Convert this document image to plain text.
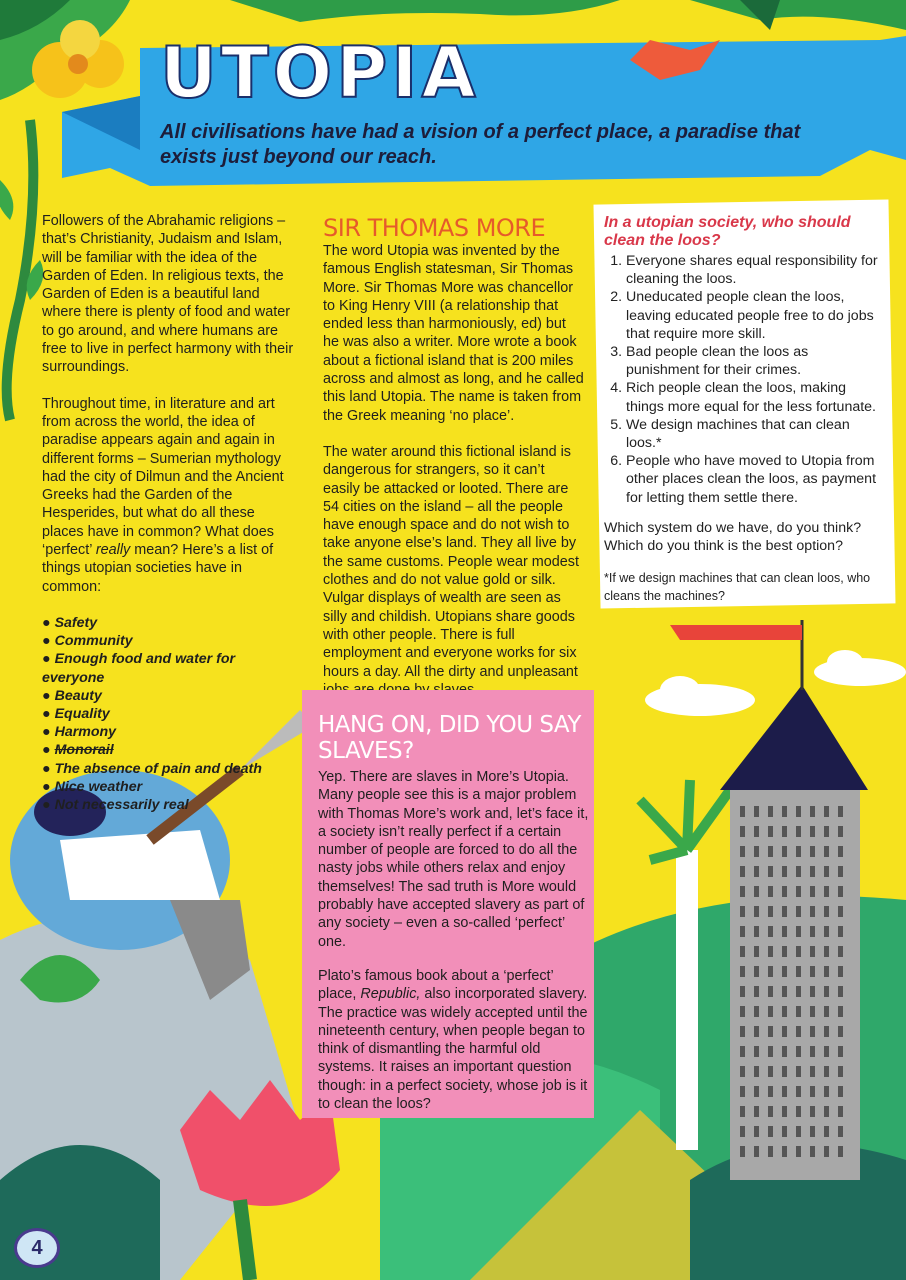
UTOPIA
All civilisations have had a vision of a perfect place, a paradise that exists just beyond our reach.

Followers of the Abrahamic religions – that’s Christianity, Judaism and Islam, will be familiar with the idea of the Garden of Eden. In religious texts, the Garden of Eden is a beautiful land where there is plenty of food and water to go around, and where humans are free to live in perfect harmony with their surroundings.

Throughout time, in literature and art from across the world, the idea of paradise appears again and again in different forms – Sumerian mythology had the city of Dilmun and the Ancient Greeks had the Garden of the Hesperides, but what do all these places have in common? What does ‘perfect’ really mean? Here’s a list of things utopian societies have in common:

● Safety
● Community
● Enough food and water for everyone
● Beauty
● Equality
● Harmony
● Monorail
● The absence of pain and death
● Nice weather
● Not necessarily real
SIR THOMAS MORE

The word Utopia was invented by the famous English statesman, Sir Thomas More. Sir Thomas More was chancellor to King Henry VIII (a relationship that ended less than harmoniously, ed) but he was also a writer. More wrote a book about a fictional island that is 200 miles across and almost as long, and he called this land Utopia. The name is taken from the Greek meaning ‘no place’.

The water around this fictional island is dangerous for strangers, so it can’t easily be attacked or looted. There are 54 cities on the island – all the people have enough space and do not wish to take anyone else’s land. They all live by the same customs. People wear modest clothes and do not value gold or silk. Vulgar displays of wealth are seen as silly and childish. Utopians share goods with other people. There is full employment and everyone works for six hours a day. All the dirty and unpleasant

In a utopian society, who should clean the loos?
1. Everyone shares equal responsibility for cleaning the loos.
2. Uneducated people clean the loos, leaving educated people free to do jobs that require more skill.
3. Bad people clean the loos as punishment for their crimes.
4. Rich people clean the loos, making things more equal for the less fortunate.
5. We design machines that can clean loos.*
6. People who have moved to Utopia from other places clean the loos, as payment for letting them settle there.

Which system do we have, do you think? Which do you think is the best option?

*If we design machines that can clean loos, who cleans the machines?

HANG ON, DID YOU SAY SLAVES?

Yep. There are slaves in More’s Utopia. Many people see this is a major problem with Thomas More’s work and, let’s face it, a society isn’t really perfect if a certain number of people are forced to do all the nasty jobs while others relax and enjoy themselves! The sad truth is More would probably have accepted slavery as part of any society – even a so-called ‘perfect’ one.

Plato’s famous book about a ‘perfect’ place, Republic, also incorporated slavery. The practice was widely accepted until the nineteenth century, when people began to think of dismantling the harmful old systems. It raises an important question though: in a perfect society, whose job is it to clean the loos?

4
